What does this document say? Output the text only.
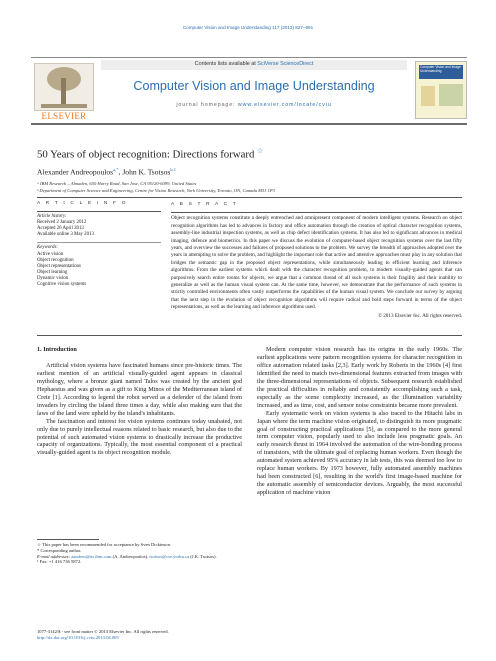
Computer Vision and Image Understanding 117 (2013) 827–891
ELSEVIER
Contents lists available at SciVerse ScienceDirect
Computer Vision and Image Understanding
journal homepage: www.elsevier.com/locate/cviu
Computer Vision and Image Understanding
50 Years of object recognition: Directions forward ☆
Alexander Andreopoulos$^{a,*}$, John K. Tsotsos$^{b,1}$
ᵃ IBM Research – Almaden, 650 Harry Road, San Jose, CA 95120-6099, United States
ᵇ Department of Computer Science and Engineering, Centre for Vision Research, York University, Toronto, ON, Canada M3J 1P3
A R T I C L E I N F O
Article history:
Received 2 January 2012
Accepted 26 April 2013
Available online 3 May 2013
Keywords:
Active vision
Object recognition
Object representations
Object learning
Dynamic vision
Cognitive vision systems
A B S T R A C T
Object recognition systems constitute a deeply entrenched and omnipresent component of modern intelligent systems. Research on object recognition algorithms has led to advances in factory and office automation through the creation of optical character recognition systems, assembly-line industrial inspection systems, as well as chip defect identification systems. It has also led to significant advances in medical imaging, defence and biometrics. In this paper we discuss the evolution of computer-based object recognition systems over the last fifty years, and overview the successes and failures of proposed solutions to the problem. We survey the breadth of approaches adopted over the years in attempting to solve the problem, and highlight the important role that active and attentive approaches must play in any solution that bridges the semantic gap in the proposed object representations, while simultaneously leading to efficient learning and inference algorithms. From the earliest systems which dealt with the character recognition problem, to modern visually-guided agents that can purposively search entire rooms for objects, we argue that a common thread of all such systems is their fragility and their inability to generalize as well as the human visual system can. At the same time, however, we demonstrate that the performance of such systems in strictly controlled environments often vastly outperforms the capabilities of the human visual system. We conclude our survey by arguing that the next step in the evolution of object recognition algorithms will require radical and bold steps forward in terms of the object representations, as well as the learning and inference algorithms used.
© 2013 Elsevier Inc. All rights reserved.
1. Introduction

Artificial vision systems have fascinated humans since pre-historic times. The earliest mention of an artificial visually-guided agent appears in classical mythology, where a bronze giant named Talos was created by the ancient god Hephaestus and was given as a gift to King Minos of the Mediterranean island of Crete [1]. According to legend the robot served as a defender of the island from invaders by circling the island three times a day, while also making sure that the laws of the land were upheld by the island's inhabitants.

The fascination and interest for vision systems continues today unabated, not only due to purely intellectual reasons related to basic research, but also due to the potential of such automated vision systems to drastically increase the productive capacity of organizations. Typically, the most essential component of a practical visually-guided agent is its object recognition module.

Modern computer vision research has its origins in the early 1960s. The earliest applications were pattern recognition systems for character recognition in office automation related tasks [2,3]. Early work by Roberts in the 1960s [4] first identified the need to match two-dimensional features extracted from images with the three-dimensional representations of objects. Subsequent research established the practical difficulties in reliably and consistently accomplishing such a task, especially as the scene complexity increased, as the illumination variability increased, and as time, cost, and sensor noise constraints became more prevalent.

Early systematic work on vision systems is also traced to the Hitachi labs in Japan where the term machine vision originated, to distinguish its more pragmatic goal of constructing practical applications [5], as compared to the more general term computer vision, popularly used to also include less pragmatic goals. An early research thrust in 1964 involved the automation of the wire-bonding process of transistors, with the ultimate goal of replacing human workers. Even though the automated system achieved 95% accuracy in lab tests, this was deemed too low to replace human workers. By 1973 however, fully automated assembly machines had been constructed [6], resulting in the world's first image-based machine for the automatic assembly of semiconductor devices. Arguably, the most successful application of machine vision

☆ This paper has been recommended for acceptance by Sven Dickinson.
* Corresponding author.
E-mail addresses: aandreo@us.ibm.com (A. Andreopoulos), tsotsos@cse.yorku.ca (J.K. Tsotsos).
¹ Fax: +1 416 736 5872.
1077-3142/$ - see front matter © 2013 Elsevier Inc. All rights reserved.
http://dx.doi.org/10.1016/j.cviu.2013.04.005
